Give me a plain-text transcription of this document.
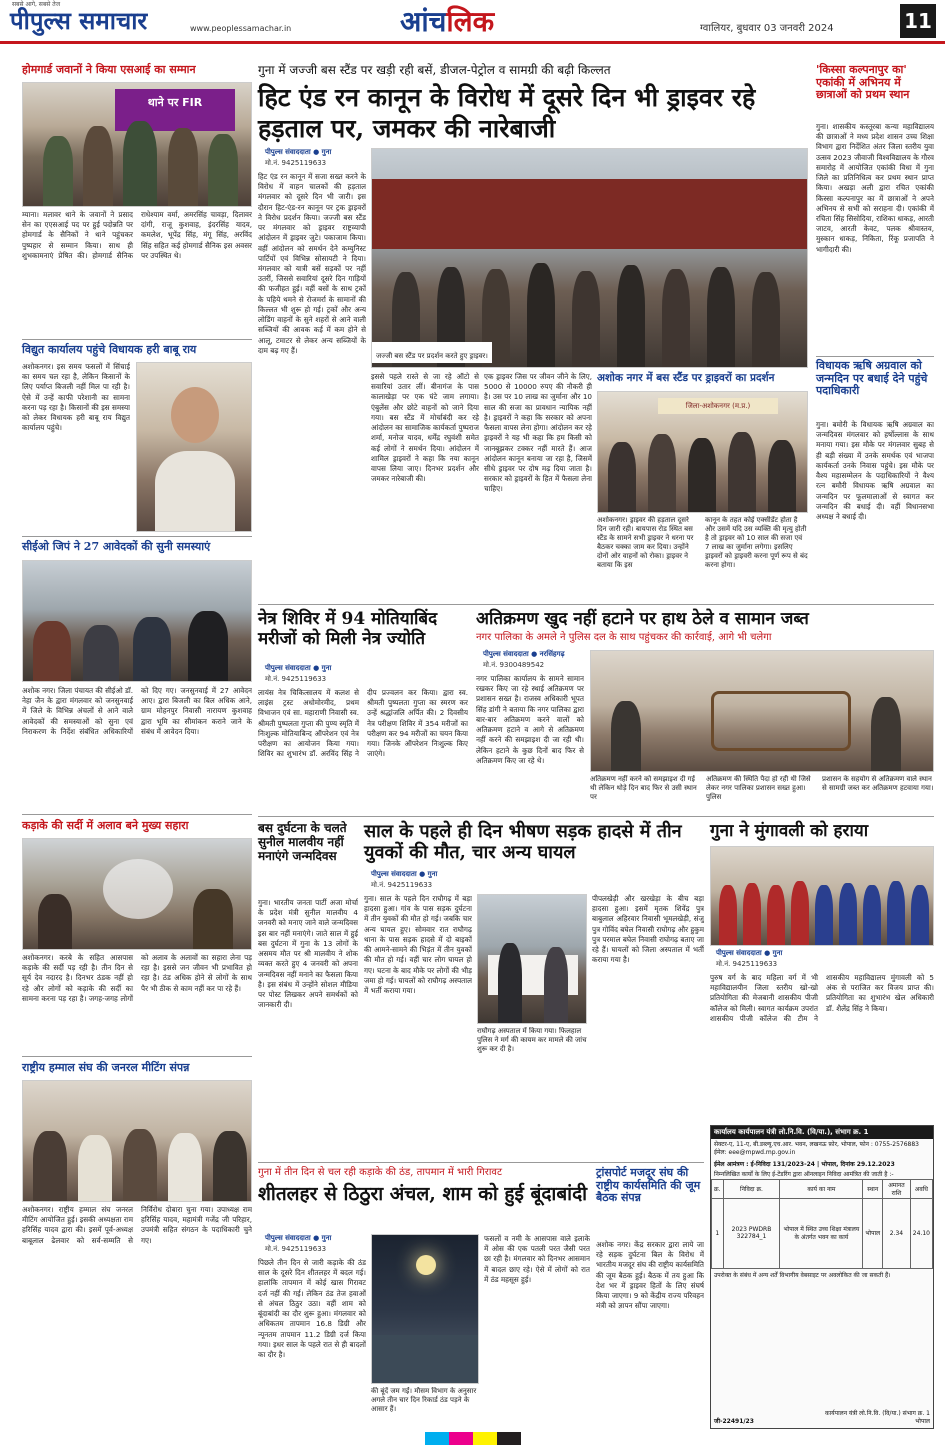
सबसे आगे, सबसे तेज
पीपुल्स समाचार	www.peoplessamachar.in	आंचलिक	ग्वालियर, बुधवार 03 जनवरी 2024	11
होमगार्ड जवानों ने किया एसआई का सम्मान
थाने पर FIR
म्याना। मलावर थाने के जवानों ने प्रसाद सेन का एएसआई पद पर हुई पदोन्नति पर होमगार्ड के सैनिकों ने थाने पहुंचकर पुष्पहार से सम्मान किया। साथ ही शुभकामनाएं प्रेषित की। होमगार्ड सैनिक राधेश्याम वर्मा, अमरसिंह चावड़ा, दिलावर दांगी, राजू कुशवाह, इंदरसिंह यादव, कमलेश, भूपेंद्र सिंह, मंगू सिंह, अरविंद सिंह सहित कई होमगार्ड सैनिक इस अवसर पर उपस्थित थे।
विद्युत कार्यालय पहुंचे विधायक हरी बाबू राय
अशोकनगर। इस समय फसलों में सिंचाई का समय चल रहा है, लेकिन किसानों के लिए पर्याप्त बिजली नहीं मिल पा रही है। ऐसे में उन्हें काफी परेशानी का सामना करना पड़ रहा है। किसानों की इस समस्या को लेकर विधायक हरी बाबू राय विद्युत कार्यालय पहुंचे।
सीईओ जिपं ने 27 आवेदकों की सुनी समस्याएं
अशोक नगर। जिला पंचायत की सीईओ डॉ. नेहा जैन के द्वारा मंगलवार को जनसुनवाई में जिले के विभिन्न अंचलों से आने वाले आवेदकों की समस्याओं को सुना एवं निराकरण के निर्देश संबंधित अधिकारियों को दिए गए। जनसुनवाई में 27 आवेदन आए। द्वारा बिजली का बिल अधिक आने, ग्राम मोहनपुर निवासी नारायण कुशवाह द्वारा भूमि का सीमांकन कराने जाने के संबंध में आवेदन दिया।
कड़ाके की सर्दी में अलाव बने मुख्य सहारा
अशोकनगर। करबे के सहित आसपास कड़ाके की सर्दी पड़ रही है। तीन दिन से सूर्य देव नदारद है। दिनभर ठंडक नहीं हो रहे और लोगों को कड़ाके की सर्दी का सामना करना पड़ रहा है। जगह-जगह लोगों को अलाव के अलावों का सहारा लेना पड़ रहा है। इससे जन जीवन भी प्रभावित हो रहा है। ठंड अधिक होने से लोगों के साथ पैर भी ठीक से काम नहीं कर पा रहे हैं।
राष्ट्रीय हम्माल संघ की जनरल मीटिंग संपन्न
अशोकनगर। राष्ट्रीय हम्माल संघ जनरल मीटिंग आयोजित हुई। इसकी अध्यक्षता राम हरिसिंह यादव द्वारा की। इसमें पूर्व-अध्यक्ष बाबूलाल ढेलवार को सर्व-सम्मति से निर्विरोध दोबारा चुना गया। उपाध्यक्ष राम हरिसिंह यादव, महामंत्री गजेंद्र जी परिहार, उपमंत्री सहित संगठन के पदाधिकारी चुने गए।
गुना में जज्जी बस स्टैंड पर खड़ी रही बसें, डीजल-पेट्रोल व सामग्री की बढ़ी किल्लत
हिट एंड रन कानून के विरोध में दूसरे दिन भी ड्राइवर रहे हड़ताल पर, जमकर की नारेबाजी
पीपुल्स संवाददाता ● गुना
मो.नं. 9425119633
हिट एंड रन कानून में सजा सख्त करने के विरोध में वाहन चालकों की हड़ताल मंगलवार को दूसरे दिन भी जारी। इस दौरान हिट-एंड-रन कानून पर ट्रक ड्राइवरों ने विरोध प्रदर्शन किया। जज्जी बस स्टैंड पर मंगलवार को ड्राइवर राष्ट्रव्यापी आंदोलन में ड्राइवर जुटे। पकाजाम किया। वहीं आंदोलन को समर्थन देने कम्युनिस्ट पार्टियों एवं विभिन्न सोसायटी ने दिया। मंगलवार को यात्री बसें सड़कों पर नहीं उतरीं, जिससे सवारियां दूसरे दिन गाड़ियों की फजीहत हुई। वहीं बसों के साथ ट्रकों के पहिये थमने से रोजमर्रा के सामानों की किल्लत भी शुरू हो गई। ट्रकों और अन्य लोडिंग वाहनों के सुने शहरों से आने वाली सब्जियों की आवक कई में कम होने से आलू, टमाटर से लेकर अन्य सब्जियों के दाम बढ़ गए हैं।
जज्जी बस स्टैंड पर प्रदर्शन करते हुए ड्राइवर।
इससे पहले रास्ते से जा रहे ऑटो से सवारियां उतार लीं। बीनागंज के पास कालाखेड़ा पर एक घंटे जाम लगाया। एंबुलेंस और छोटे वाहनों को जाने दिया गया। बस स्टैंड में मोर्चाबंदी कर रहे आंदोलन का सामाजिक कार्यकर्ता पुष्पराज शर्मा, मनोज यादव, धर्मेंद्र रघुवंशी समेत कई लोगों ने समर्थन दिया। आंदोलन में शामिल ड्राइवरों ने कहा कि नया कानून वापस लिया जाए। दिनभर प्रदर्शन और जमकर नारेबाजी की।
एक ड्राइवर जिस पर जीवन जीने के लिए, 5000 से 10000 रुपए की नौकरी ही है। उस पर 10 लाख का जुर्माना और 10 साल की सजा का प्रावधान न्यायिक नहीं है। ड्राइवरों ने कहा कि सरकार को अपना फैसला वापस लेना होगा। आंदोलन कर रहे ड्राइवरों ने यह भी कहा कि हम किसी को जानबूझकर टक्कर नहीं मारते हैं। आज आंदोलन कानून बनाया जा रहा है, जिसमें सीधे ड्राइवर पर दोष मढ़ दिया जाता है। सरकार को ड्राइवरों के हित में फैसला लेना चाहिए।
अशोक नगर में बस स्टैंड पर ड्राइवरों का प्रदर्शन
जिला-अशोकनगर (म.प्र.)
अशोकनगर। ड्राइवर की हड़ताल दूसरे दिन जारी रही। बायपास रोड स्थित बस स्टैंड के सामने सभी ड्राइवर ने धरना पर बैठकर चक्का जाम कर दिया। उन्होंने दोनों ओर वाहनों को रोका। ड्राइवर ने बताया कि इस
कानून के तहत कोई एक्सीडेंट होता है और उसमें यदि उस व्यक्ति की मृत्यु होती है तो ड्राइवर को 10 साल की सजा एवं 7 लाख का जुर्माना लगेगा। इसलिए ड्राइवरों को ड्राइवरी करना पूर्ण रूप से बंद करना होगा।
'किस्सा कल्पनापुर का' एकांकी में अभिनय में छात्राओं को प्रथम स्थान
गुना। शासकीय कस्तूरबा कन्या महाविद्यालय की छात्राओं ने मध्य प्रदेश शासन उच्च शिक्षा विभाग द्वारा निर्देशित अंतर जिला स्तरीय युवा उत्सव 2023 जीवाजी विश्वविद्यालय के गौरव समारोह में आयोजित एकांकी विधा में गुना जिले का प्रतिनिधित्व कर प्रथम स्थान प्राप्त किया। अखड़ा अली द्वारा रचित एकांकी किस्सा कल्पनापुर का में छात्राओं ने अपने अभिनय से सभी को सराहना दी। एकांकी में रचिता सिंह सिसोदिया, राशिका धाकड़, आरती जाटव, आरती केवट, पलक श्रीवास्तव, मुस्कान धाकड़, निकिता, रिंकू प्रजापति ने भागीदारी की।
विधायक ऋषि अग्रवाल को जन्मदिन पर बधाई देने पहुंचे पदाधिकारी
गुना। बमोरी के विधायक ऋषि अग्रवाल का जन्मदिवस मंगलवार को हर्षोल्लास के साथ मनाया गया। इस मौके पर मंगलवार सुबह से ही बड़ी संख्या में उनके समर्थक एवं भाजपा कार्यकर्ता उनके निवास पहुंचे। इस मौके पर वैश्य महासम्मेलन के पदाधिकारियों ने वैश्य रत्न बमौरी विधायक ऋषि अग्रवाल का जन्मदिन पर फूलमालाओं से स्वागत कर जन्मदिन की बधाई दी। वहीं विधानसभा अध्यक्ष ने बधाई दी।
नेत्र शिविर में 94 मोतियाबिंद मरीजों को मिली नेत्र ज्योति
पीपुल्स संवाददाता ● गुना
मो.नं. 9425119633
लायंस नेत्र चिकित्सालय में कलश से लाइंस ट्रस्ट अधोमोरमीद, प्रथम विभाजन एवं सा. महाराणी निवासी स्व. श्रीमती पुष्पलता गुप्ता की पुण्य स्मृति में निःशुल्क मोतियाबिन्द ऑपरेशन एवं नेत्र परीक्षण का आयोजन किया गया। शिविर का शुभारंभ डॉ. अरविंद सिंह ने दीप प्रज्वलन कर किया। द्वारा स्व. श्रीमती पुष्पलता गुप्ता का स्मरण कर उन्हें श्रद्धांजलि अर्पित की। 2 दिवसीय नेत्र परीक्षण शिविर में 354 मरीजों का परीक्षण कर 94 मरीजों का चयन किया गया। जिनके ऑपरेशन निःशुल्क किए जाएंगे।
अतिक्रमण खुद नहीं हटाने पर हाथ ठेले व सामान जब्त
नगर पालिका के अमले ने पुलिस दल के साथ पहुंचकर की कार्रवाई, आगे भी चलेगा
पीपुल्स संवाददाता ● नरसिंहगढ़
मो.नं. 9300489542
नगर पालिका कार्यालय के सामने सामान रखकर किए जा रहे स्थाई अतिक्रमण पर प्रशासन सख्त है। राजस्व अधिकारी भूपत सिंह डांगी ने बताया कि नगर पालिका द्वारा बार-बार अतिक्रमण करने वालों को अतिक्रमण हटाने व आगे से अतिक्रमण नहीं करने की समझाइश दी जा रही थी। लेकिन हटाने के कुछ दिनों बाद फिर से अतिक्रमण किए जा रहे थे।
अतिक्रमण नहीं करने को समझाइश दी गई थी लेकिन थोड़े दिन बाद फिर से उसी स्थान पर
अतिक्रमण की स्थिति पैदा हो रही थी जिसे लेकर नगर पालिका प्रशासन सख्त हुआ। पुलिस
प्रशासन के सहयोग से अतिक्रमण वाले स्थान से सामग्री जब्त कर अतिक्रमण हटवाया गया।
बस दुर्घटना के चलते सुनील मालवीय नहीं मनाएंगे जन्मदिवस
गुना। भारतीय जनता पार्टी अजा मोर्चा के प्रदेश मंत्री सुनील मालवीय 4 जनवरी को मनाए जाने वाले जन्मदिवस इस बार नहीं मनाएंगे। जाते साल में हुई बस दुर्घटना में गुना के 13 लोगों के असमय मौत पर श्री मालवीय ने शोक व्यक्त करते हुए 4 जनवरी को अपना जन्मदिवस नहीं मनाने का फैसला किया है। इस संबंध में उन्होंने सोशल मीडिया पर पोस्ट लिखकर अपने समर्थकों को जानकारी दी।
साल के पहले ही दिन भीषण सड़क हादसे में तीन युवकों की मौत, चार अन्य घायल
पीपुल्स संवाददाता ● गुना
मो.नं. 9425119633
गुना। साल के पहले दिन राघौगढ़ में बड़ा हादसा हुआ। गांव के पास सड़क दुर्घटना में तीन युवकों की मौत हो गई। जबकि चार अन्य घायल हुए। सोमवार रात राघौगढ़ थाना के पास सड़क हादसे में दो बाइकों की आमने-सामने की भिड़ंत में तीन युवकों की मौत हो गई। वहीं चार लोग घायल हो गए। घटना के बाद मौके पर लोगों की भीड़ जमा हो गई। घायलों को राघौगढ़ अस्पताल में भर्ती कराया गया।
राघौगढ़ अस्पताल में किया गया। फिलहाल पुलिस ने मर्ग की कायम कर मामले की जांच शुरू कर दी है।
पीपलखेड़ी और खरखेड़ा के बीच बड़ा हादसा हुआ। इसमें मृतक शिवेंद्र पुत्र बाबुलाल अहिरवार निवासी भूमलखेड़ी, संजु पुत्र गोविंद बघेल निवासी राघोगढ़ और हुकुम पुत्र परमाल बघेल निवासी राघोगढ़ बताए जा रहे हैं। घायलों को जिला अस्पताल में भर्ती कराया गया है।
गुना ने मुंगावली को हराया
पीपुल्स संवाददाता ● गुना
मो.नं. 9425119633
पुरुष वर्ग के बाद महिला वर्ग में भी महाविद्यालयीन जिला स्तरीय खो-खो प्रतियोगिता की मेजबानी शासकीय पीजी कॉलेज को मिली। स्वागत कार्यक्रम उपरांत शासकीय पीजी कॉलेज की टीम ने शासकीय महाविद्यालय मुंगावली को 5 अंक से पराजित कर विजय प्राप्त की। प्रतियोगिता का शुभारंभ खेल अधिकारी डॉ. शैलेंद्र सिंह ने किया।
कार्यालय कार्यपालन यंत्री लो.नि.वि. (वि/या.), संभाग क्र. 1
सेक्टर-ए, 11-ए, बी.डब्ल्यू.एच.आर. भवन, लखनऊ फ़ोर, भोपाल, फोन : 0755-2576883 ईमेल: eee@mpwd.mp.gov.in
ईमेल आमंत्रण : ई-निविदा 131/2023-24 | भोपाल, दिनांक 29.12.2023
निम्नलिखित कार्यों के लिए ई-टेंडरिंग द्वारा ऑनलाइन निविदा आमंत्रित की जाती है :-
क्र.	निविदा क्र.	कार्य का नाम	स्थान	अमानत राशि	अवधि
1	2023 PWDRB 322784_1	भोपाल में स्थित उच्च शिक्षा मंत्रालय के अंतर्गत भवन का कार्य	भोपाल	2.34	24.10
उपरोक्त के संबंध में अन्य शर्तें विभागीय वेबसाइट पर अवलोकित की जा सकती हैं।
जी-22491/23
कार्यपालन यंत्री लो.नि.वि. (वि/या.) संभाग क्र. 1 भोपाल
गुना में तीन दिन से चल रही कड़ाके की ठंड, तापमान में भारी गिरावट
शीतलहर से ठिठुरा अंचल, शाम को हुई बूंदाबांदी
पीपुल्स संवाददाता ● गुना
मो.नं. 9425119633
पिछले तीन दिन से जारी कड़ाके की ठंड साल के दूसरे दिन शीतलहर में बदल गई। हालांकि तापमान में कोई खास गिरावट दर्ज नहीं की गई। लेकिन ठंड तेज हवाओं से अंचल ठिठुर उठा। वहीं शाम को बूंदाबांदी का दौर शुरू हुआ। मंगलवार को अधिकतम तापमान 16.8 डिग्री और न्यूनतम तापमान 11.2 डिग्री दर्ज किया गया। इधर साल के पहले रात से ही बादलों का दौर है।
की बूंदें जम गईं। मौसम विभाग के अनुसार अगले तीन चार दिन रिकार्ड ठंड पड़ने के आसार हैं।
फसलों व नमी के आसपास वाले इलाके में ओस की एक पतली परत जैसी परत छा रही है। मंगलवार को दिनभर आसमान में बादल छाए रहे। ऐसे में लोगों को रात में ठंड महसूस हुई।
ट्रांसपोर्ट मजदूर संघ की राष्ट्रीय कार्यसमिति की जूम बैठक संपन्न
अशोक नगर। केंद्र सरकार द्वारा लाये जा रहे सड़क दुर्घटना बिल के विरोध में भारतीय मजदूर संघ की राष्ट्रीय कार्यसमिति की जूम बैठक हुई। बैठक में तय हुआ कि देश भर में ड्राइवर हितों के लिए संघर्ष किया जाएगा। 9 को केंद्रीय राज्य परिवहन मंत्री को ज्ञापन सौंपा जाएगा।
